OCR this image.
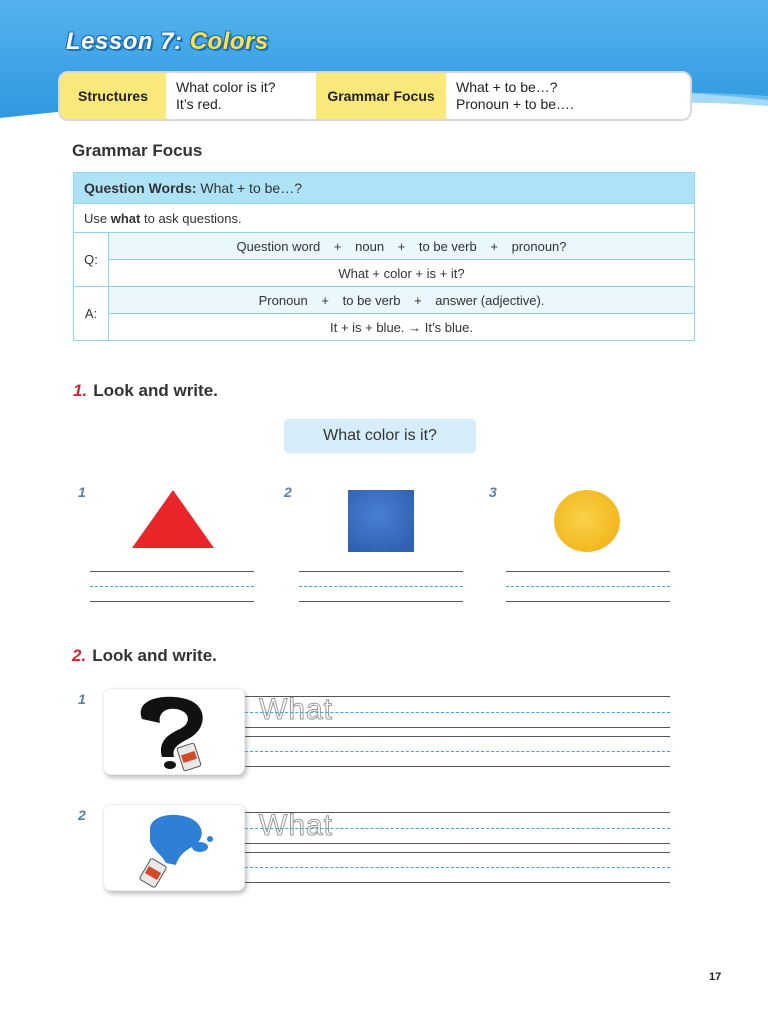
Lesson 7: Colors
Structures
What color is it?
It’s red.	Grammar Focus
What + to be…?
Pronoun + to be….
Grammar Focus
Question Words: What + to be…?	
Use what to ask questions.	
Q:	Question word + noun + to be verb + pronoun?
	What + color + is + it?
A:	Pronoun + to be verb + answer (adjective).
	It + is + blue. → It’s blue.
1. Look and write.
What color is it?
1	2	3
2. Look and write.
1	What
2	What
17
